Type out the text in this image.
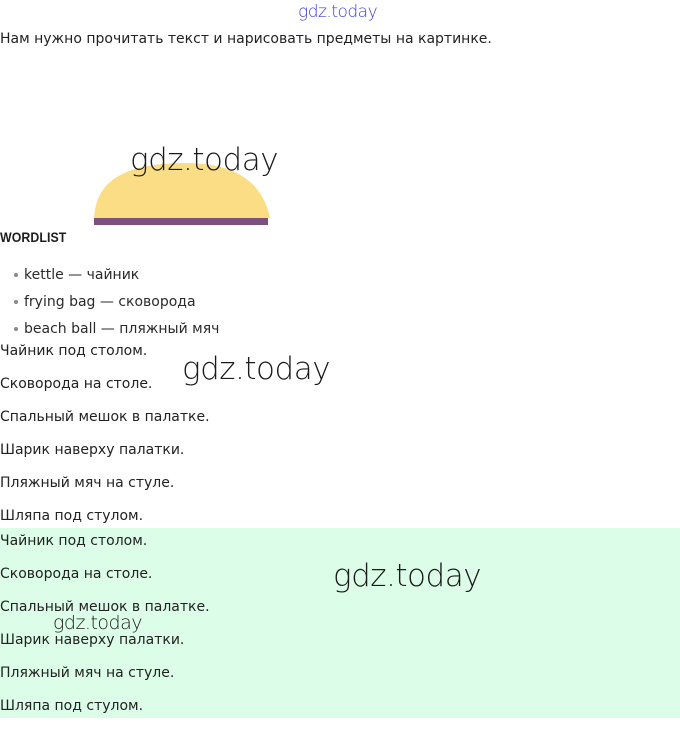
gdz.today
Нам нужно прочитать текст и нарисовать предметы на картинке.
gdz.today
WORDLIST
kettle — чайник
frying bag — сковорода
beach ball — пляжный мяч
Чайник под столом.
Сковорода на столе.
Спальный мешок в палатке.
Шарик наверху палатки.
Пляжный мяч на стуле.
Шляпа под стулом.
gdz.today
Чайник под столом.
Сковорода на столе.
Спальный мешок в палатке.
Шарик наверху палатки.
Пляжный мяч на стуле.
Шляпа под стулом.
gdz.today
gdz.today
